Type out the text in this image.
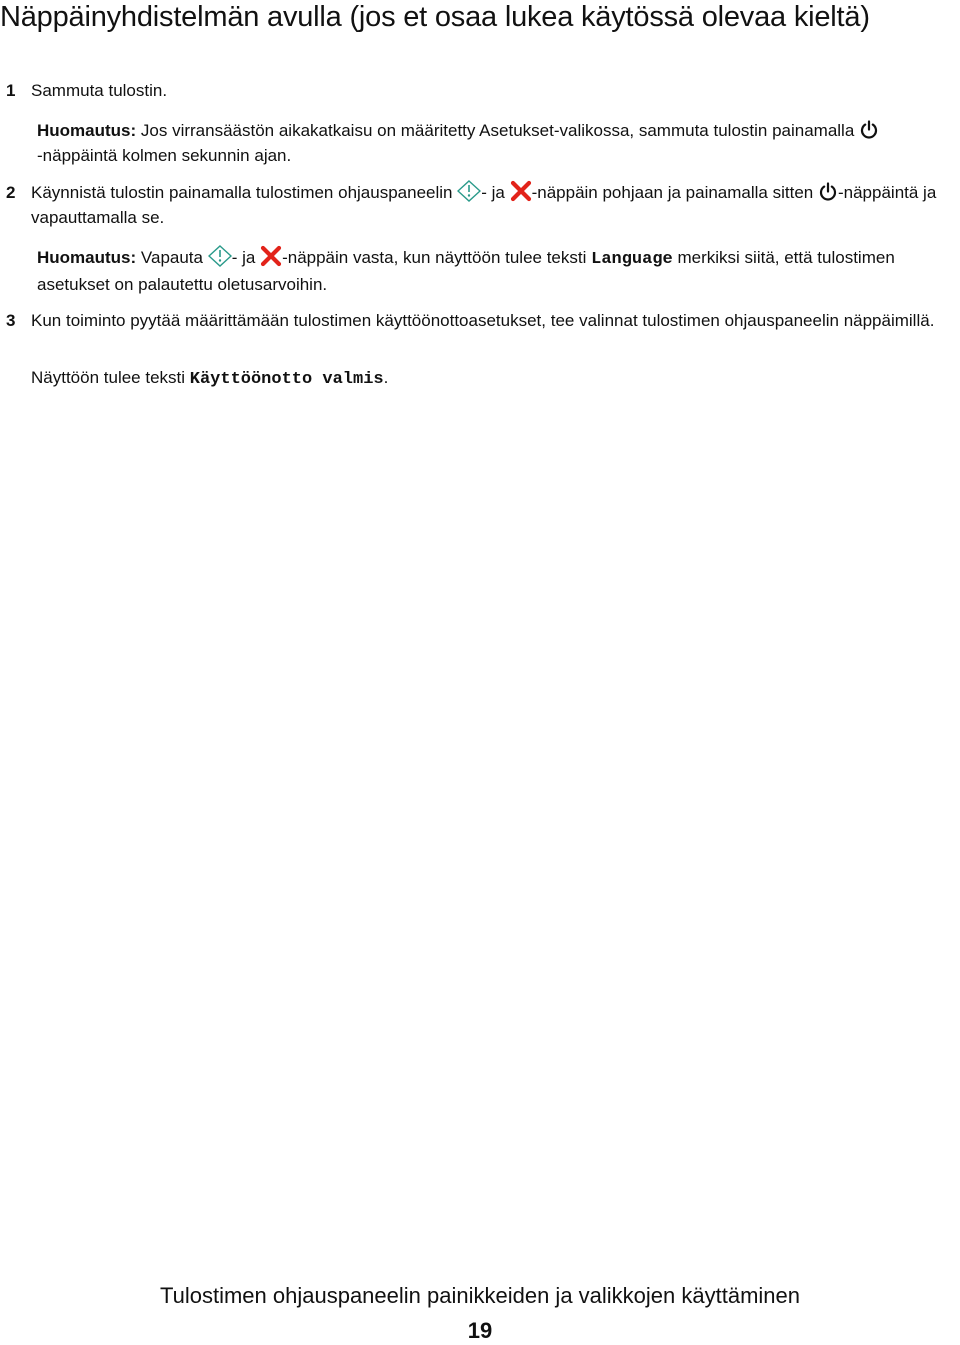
Näppäinyhdistelmän avulla (jos et osaa lukea käytössä olevaa kieltä)
1 Sammuta tulostin.
Huomautus: Jos virransäästön aikakatkaisu on määritetty Asetukset-valikossa, sammuta tulostin painamalla
-näppäintä kolmen sekunnin ajan.
2 Käynnistä tulostin painamalla tulostimen ohjauspaneelin - ja -näppäin pohjaan ja painamalla sitten -näppäintä ja vapauttamalla se.
Huomautus: Vapauta - ja -näppäin vasta, kun näyttöön tulee teksti Language merkiksi siitä, että tulostimen asetukset on palautettu oletusarvoihin.
3 Kun toiminto pyytää määrittämään tulostimen käyttöönottoasetukset, tee valinnat tulostimen ohjauspaneelin näppäimillä.
Näyttöön tulee teksti Käyttöönotto valmis.
Tulostimen ohjauspaneelin painikkeiden ja valikkojen käyttäminen
19
